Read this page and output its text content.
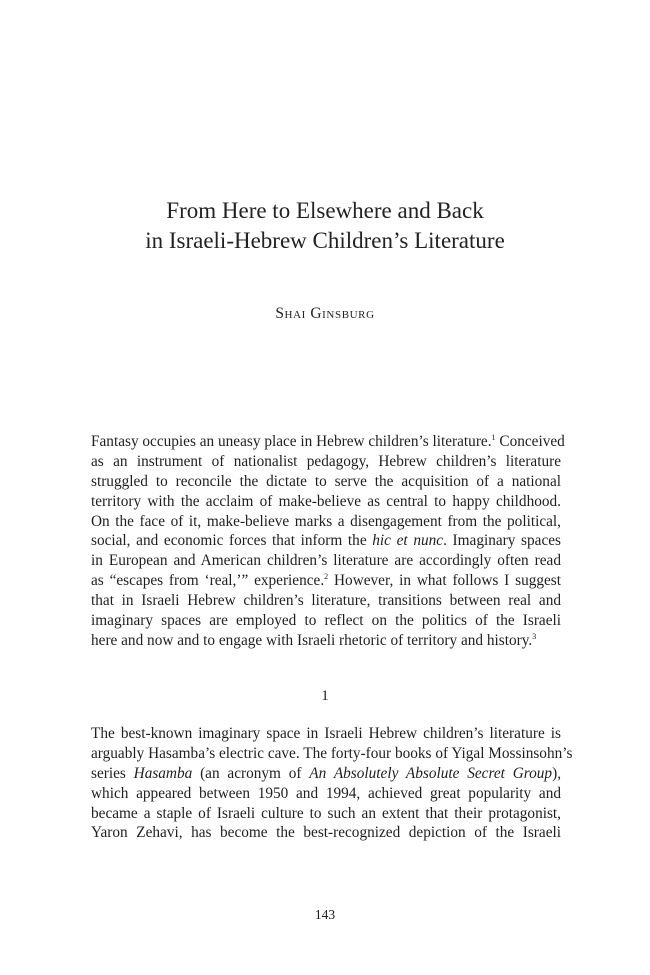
From Here to Elsewhere and Back
in Israeli-Hebrew Children’s Literature
Shai Ginsburg
Fantasy occupies an uneasy place in Hebrew children’s literature.$^1$ Conceived
as an instrument of nationalist pedagogy, Hebrew children’s literature
struggled to reconcile the dictate to serve the acquisition of a national
territory with the acclaim of make-believe as central to happy childhood.
On the face of it, make-believe marks a disengagement from the political,
social, and economic forces that inform the hic et nunc. Imaginary spaces
in European and American children’s literature are accordingly often read
as “escapes from ‘real,’” experience.$^2$ However, in what follows I suggest
that in Israeli Hebrew children’s literature, transitions between real and
imaginary spaces are employed to reflect on the politics of the Israeli
here and now and to engage with Israeli rhetoric of territory and history.$^3$
1
The best-known imaginary space in Israeli Hebrew children’s literature is
arguably Hasamba’s electric cave. The forty-four books of Yigal Mossinsohn’s
series Hasamba (an acronym of An Absolutely Absolute Secret Group),
which appeared between 1950 and 1994, achieved great popularity and
became a staple of Israeli culture to such an extent that their protagonist,
Yaron Zehavi, has become the best-recognized depiction of the Israeli
143
